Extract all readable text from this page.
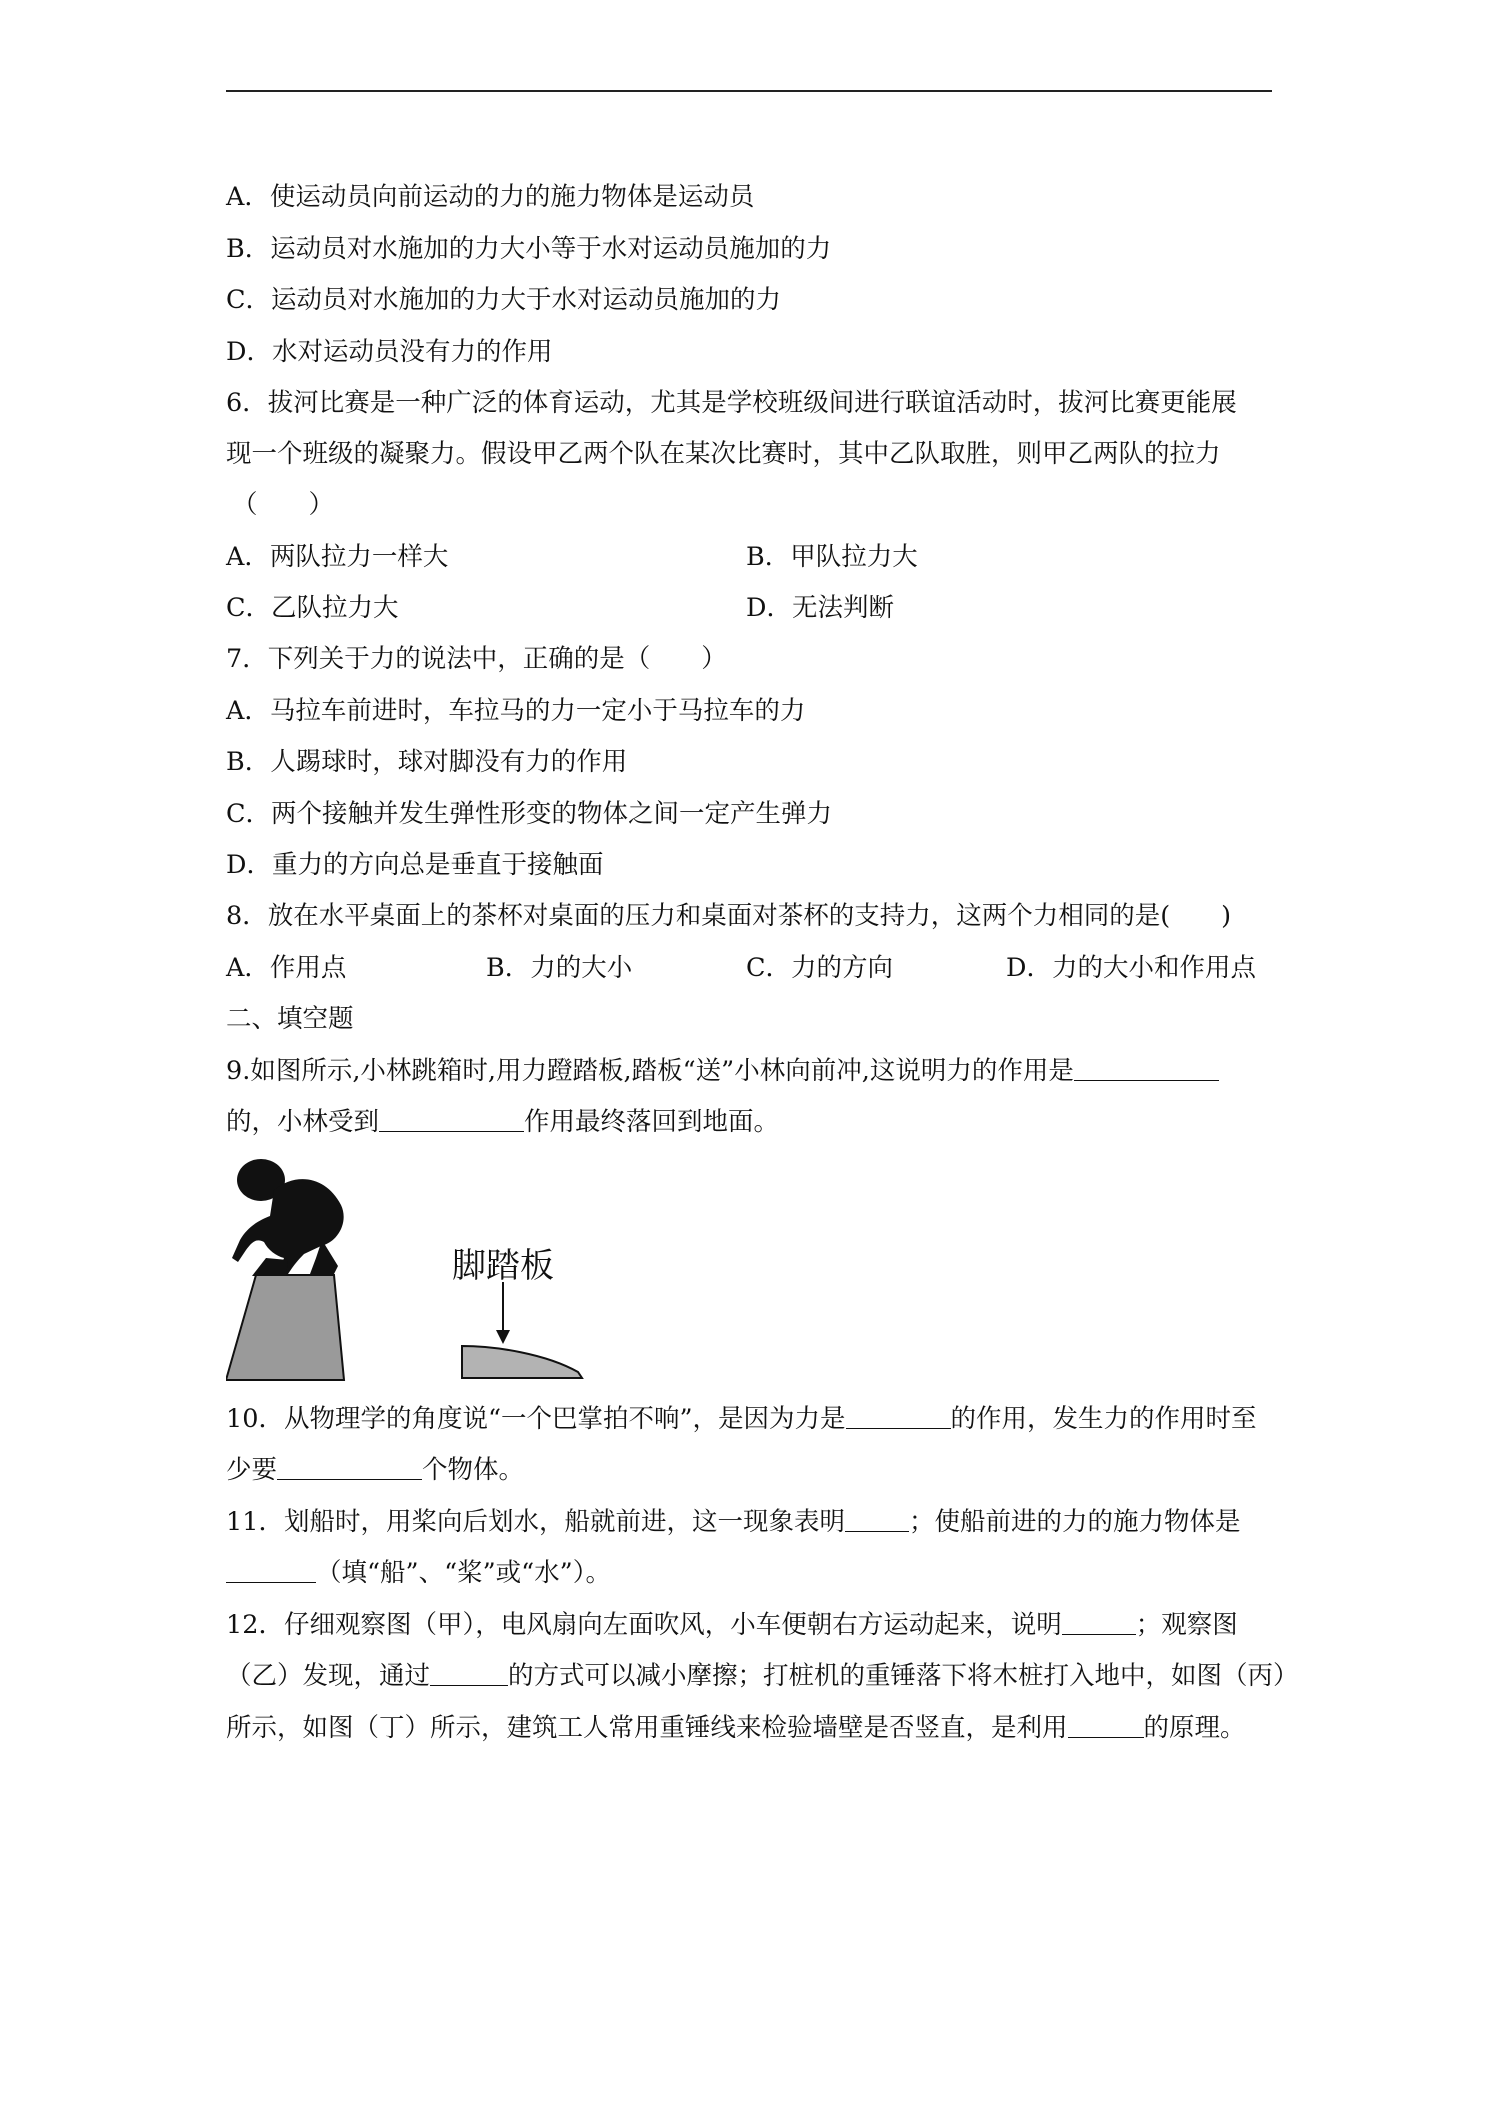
A．使运动员向前运动的力的施力物体是运动员
B．运动员对水施加的力大小等于水对运动员施加的力
C．运动员对水施加的力大于水对运动员施加的力
D．水对运动员没有力的作用
6．拔河比赛是一种广泛的体育运动，尤其是学校班级间进行联谊活动时，拔河比赛更能展
现一个班级的凝聚力。假设甲乙两个队在某次比赛时，其中乙队取胜，则甲乙两队的拉力
（　　）
A．两队拉力一样大	B．甲队拉力大
C．乙队拉力大	D．无法判断
7．下列关于力的说法中，正确的是（　　）
A．马拉车前进时，车拉马的力一定小于马拉车的力
B．人踢球时，球对脚没有力的作用
C．两个接触并发生弹性形变的物体之间一定产生弹力
D．重力的方向总是垂直于接触面
8．放在水平桌面上的茶杯对桌面的压力和桌面对茶杯的支持力，这两个力相同的是(　　)
A．作用点	B．力的大小	C．力的方向	D．力的大小和作用点
二、填空题
9.如图所示,小林跳箱时,用力蹬踏板,踏板“送”小林向前冲,这说明力的作用是
的，小林受到	作用最终落回到地面。
脚踏板
10．从物理学的角度说“一个巴掌拍不响”，是因为力是	的作用，发生力的作用时至
少要	个物体。
11．划船时，用桨向后划水，船就前进，这一现象表明	；使船前进的力的施力物体是
（填“船”、“桨”或“水”）。
12．仔细观察图（甲），电风扇向左面吹风，小车便朝右方运动起来，说明	；观察图
（乙）发现，通过	的方式可以减小摩擦；打桩机的重锤落下将木桩打入地中，如图（丙）
所示，如图（丁）所示，建筑工人常用重锤线来检验墙壁是否竖直，是利用	的原理。
